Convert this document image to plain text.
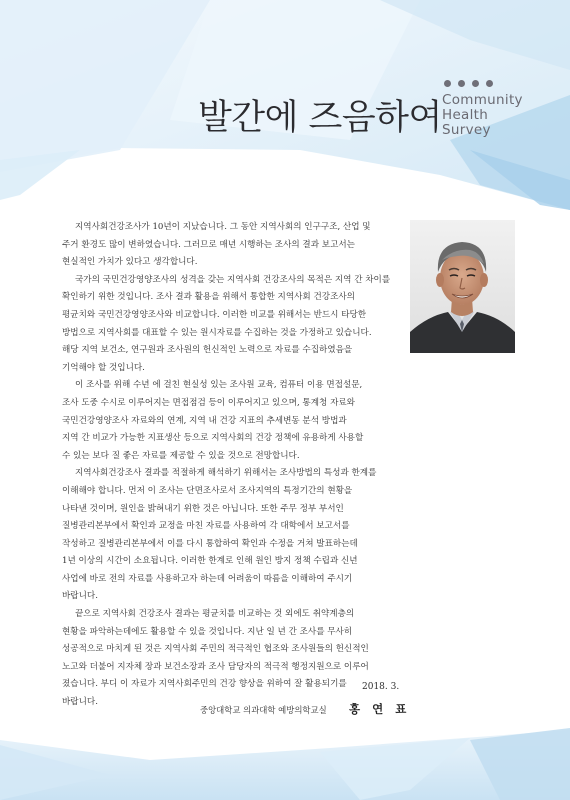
발간에 즈음하여 Community
Health
Survey

지역사회건강조사가 10년이 지났습니다. 그 동안 지역사회의 인구구조, 산업 및
주거 환경도 많이 변하였습니다. 그러므로 매년 시행하는 조사의 결과 보고서는
현실적인 가치가 있다고 생각합니다.

국가의 국민건강영양조사의 성격을 갖는 지역사회 건강조사의 목적은 지역 간 차이를
확인하기 위한 것입니다. 조사 결과 활용을 위해서 통합한 지역사회 건강조사의
평균치와 국민건강영양조사와 비교합니다. 이러한 비교를 위해서는 반드시 타당한
방법으로 지역사회를 대표할 수 있는 원시자료를 수집하는 것을 가정하고 있습니다.
해당 지역 보건소, 연구원과 조사원의 헌신적인 노력으로 자료를 수집하였음을
기억해야 할 것입니다.

이 조사를 위해 수년 에 걸친 현실성 있는 조사원 교육, 컴퓨터 이용 면접설문,
조사 도중 수시로 이루어지는 면접점검 등이 이루어지고 있으며, 통계청 자료와
국민건강영양조사 자료와의 연계, 지역 내 건강 지표의 추세변동 분석 방법과
지역 간 비교가 가능한 지표생산 등으로 지역사회의 건강 정책에 유용하게 사용할
수 있는 보다 질 좋은 자료를 제공할 수 있을 것으로 전망합니다.

지역사회건강조사 결과를 적절하게 해석하기 위해서는 조사방법의 특성과 한계를
이해해야 합니다. 먼저 이 조사는 단면조사로서 조사지역의 특정기간의 현황을
나타낸 것이며, 원인을 밝혀내기 위한 것은 아닙니다. 또한 주무 정부 부서인
질병관리본부에서 확인과 교정을 마친 자료를 사용하여 각 대학에서 보고서를
작성하고 질병관리본부에서 이를 다시 통합하여 확인과 수정을 거쳐 발표하는데
1년 이상의 시간이 소요됩니다. 이러한 한계로 인해 원인 방지 정책 수립과 신년
사업에 바로 전의 자료를 사용하고자 하는데 어려움이 따름을 이해하여 주시기
바랍니다.

끝으로 지역사회 건강조사 결과는 평균치를 비교하는 것 외에도 취약계층의
현황을 파악하는데에도 활용할 수 있을 것입니다. 지난 일 년 간 조사를 무사히
성공적으로 마치게 된 것은 지역사회 주민의 적극적인 협조와 조사원들의 헌신적인
노고와 더불어 지자체 장과 보건소장과 조사 담당자의 적극적 행정지원으로 이루어
졌습니다. 부디 이 자료가 지역사회주민의 건강 향상을 위하여 잘 활용되기를
바랍니다.

2018. 3.
중앙대학교 의과대학 예방의학교실 홍 연 표
